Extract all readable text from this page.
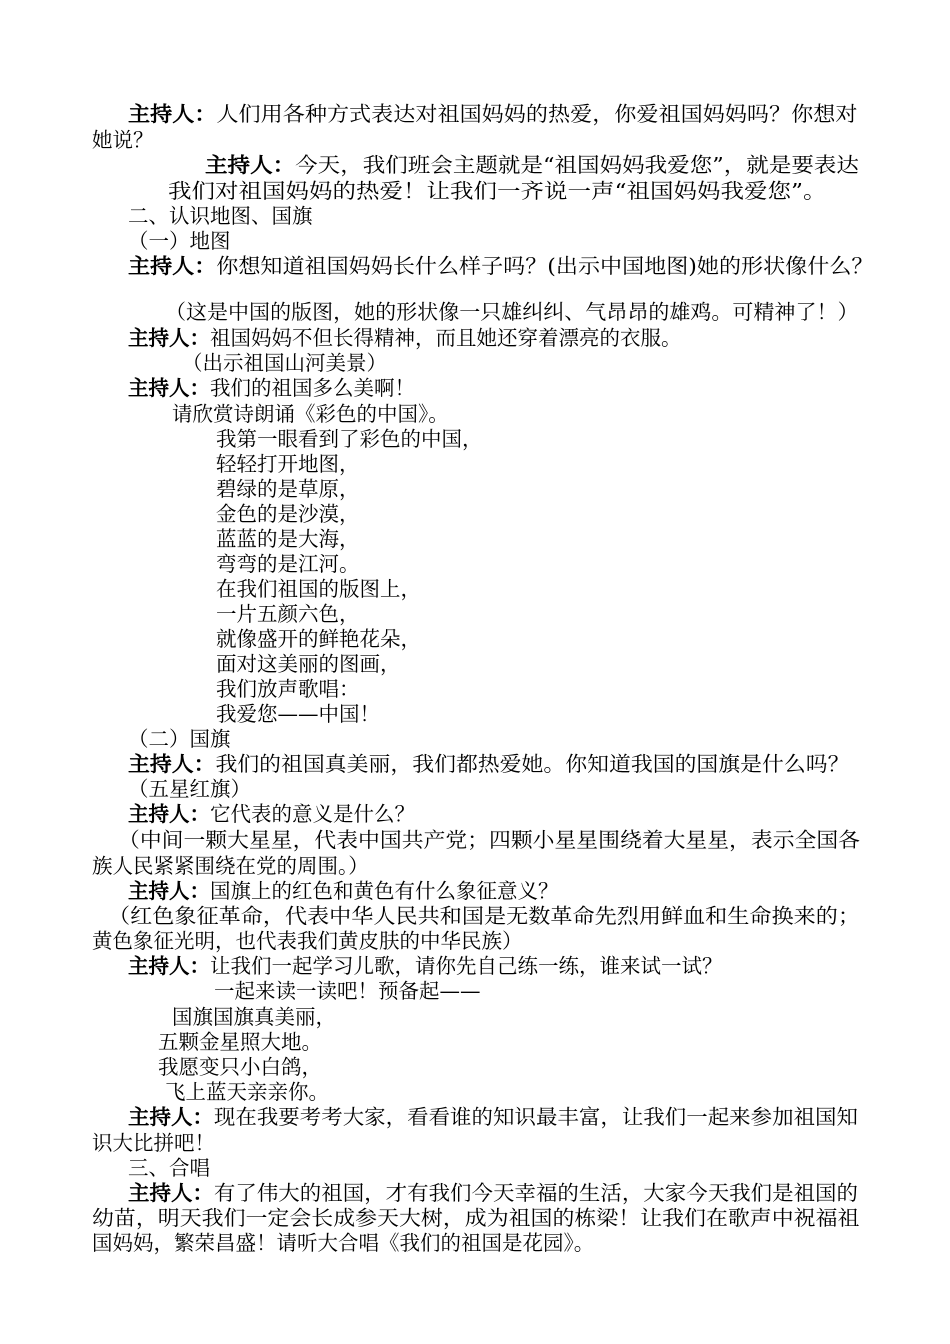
主持人：人们用各种方式表达对祖国妈妈的热爱，你爱祖国妈妈吗？你想对
她说？
主持人：今天，我们班会主题就是“祖国妈妈我爱您”，就是要表达
我们对祖国妈妈的热爱！让我们一齐说一声“祖国妈妈我爱您”。
二、认识地图、国旗
（一）地图
主持人：你想知道祖国妈妈长什么样子吗？(出示中国地图)她的形状像什么？
（这是中国的版图，她的形状像一只雄纠纠、气昂昂的雄鸡。可精神了！）
主持人：祖国妈妈不但长得精神，而且她还穿着漂亮的衣服。
（出示祖国山河美景）
主持人：我们的祖国多么美啊！
请欣赏诗朗诵《彩色的中国》。
我第一眼看到了彩色的中国，
轻轻打开地图，
碧绿的是草原，
金色的是沙漠，
蓝蓝的是大海，
弯弯的是江河。
在我们祖国的版图上，
一片五颜六色，
就像盛开的鲜艳花朵，
面对这美丽的图画，
我们放声歌唱：
我爱您——中国！
（二）国旗
主持人：我们的祖国真美丽，我们都热爱她。你知道我国的国旗是什么吗？
（五星红旗）
主持人：它代表的意义是什么？
（中间一颗大星星，代表中国共产党；四颗小星星围绕着大星星，表示全国各
族人民紧紧围绕在党的周围。）
主持人：国旗上的红色和黄色有什么象征意义？
（红色象征革命，代表中华人民共和国是无数革命先烈用鲜血和生命换来的；
黄色象征光明，也代表我们黄皮肤的中华民族）
主持人：让我们一起学习儿歌，请你先自己练一练，谁来试一试？
一起来读一读吧！预备起——
国旗国旗真美丽，
五颗金星照大地。
我愿变只小白鸽，
飞上蓝天亲亲你。
主持人：现在我要考考大家，看看谁的知识最丰富，让我们一起来参加祖国知
识大比拼吧！
三、合唱
主持人：有了伟大的祖国，才有我们今天幸福的生活，大家今天我们是祖国的
幼苗，明天我们一定会长成参天大树，成为祖国的栋梁！让我们在歌声中祝福祖
国妈妈，繁荣昌盛！请听大合唱《我们的祖国是花园》。
